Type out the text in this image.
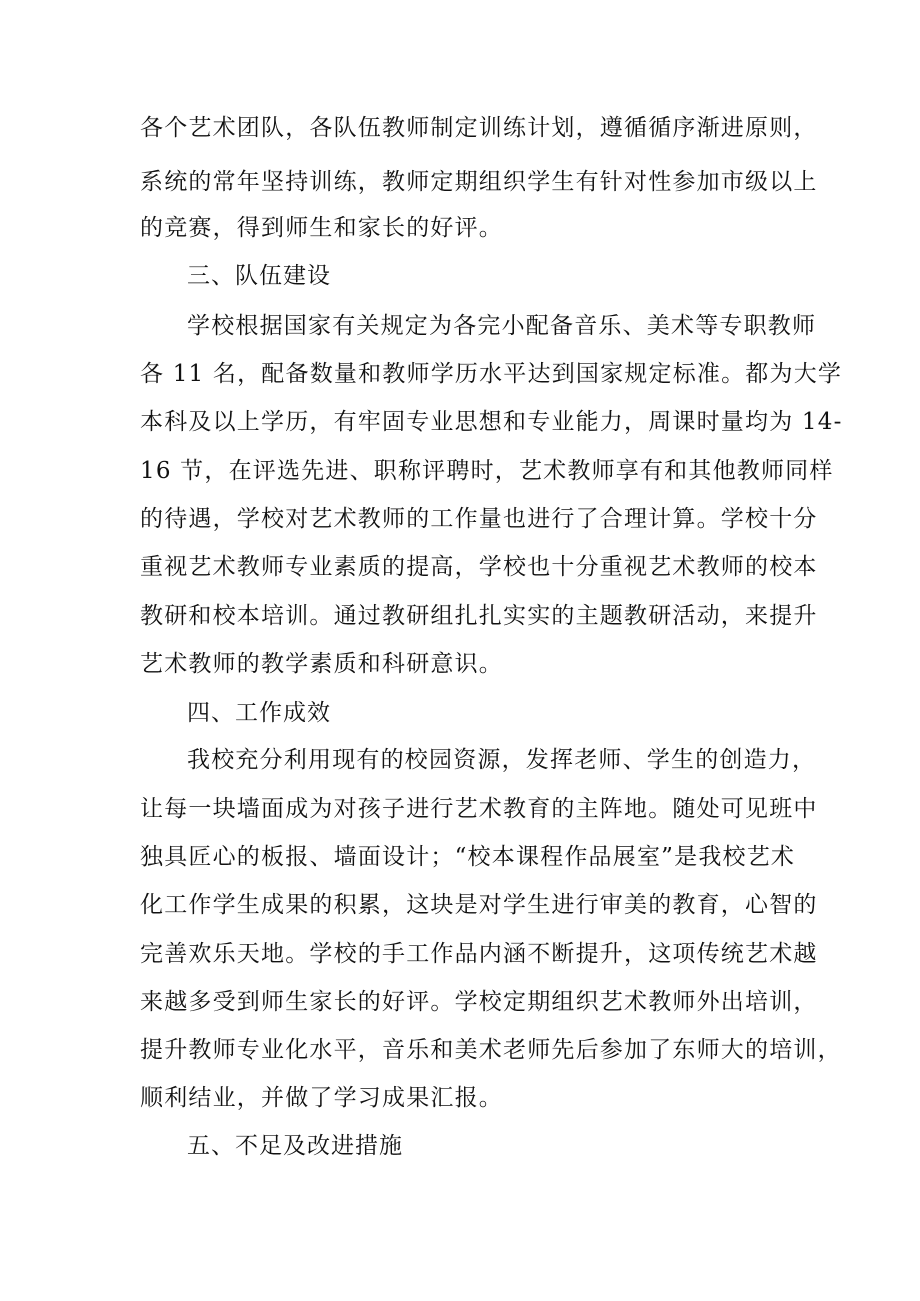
各个艺术团队，各队伍教师制定训练计划，遵循循序渐进原则，

系统的常年坚持训练，教师定期组织学生有针对性参加市级以上

的竞赛，得到师生和家长的好评。

三、队伍建设

学校根据国家有关规定为各完小配备音乐、美术等专职教师

各 11 名，配备数量和教师学历水平达到国家规定标准。都为大学

本科及以上学历，有牢固专业思想和专业能力，周课时量均为 14-

16 节，在评选先进、职称评聘时，艺术教师享有和其他教师同样

的待遇，学校对艺术教师的工作量也进行了合理计算。学校十分

重视艺术教师专业素质的提高，学校也十分重视艺术教师的校本

教研和校本培训。通过教研组扎扎实实的主题教研活动，来提升

艺术教师的教学素质和科研意识。

四、工作成效

我校充分利用现有的校园资源，发挥老师、学生的创造力，

让每一块墙面成为对孩子进行艺术教育的主阵地。随处可见班中

独具匠心的板报、墙面设计；“校本课程作品展室”是我校艺术

化工作学生成果的积累，这块是对学生进行审美的教育，心智的

完善欢乐天地。学校的手工作品内涵不断提升，这项传统艺术越

来越多受到师生家长的好评。学校定期组织艺术教师外出培训，

提升教师专业化水平，音乐和美术老师先后参加了东师大的培训，

顺利结业，并做了学习成果汇报。

五、不足及改进措施
